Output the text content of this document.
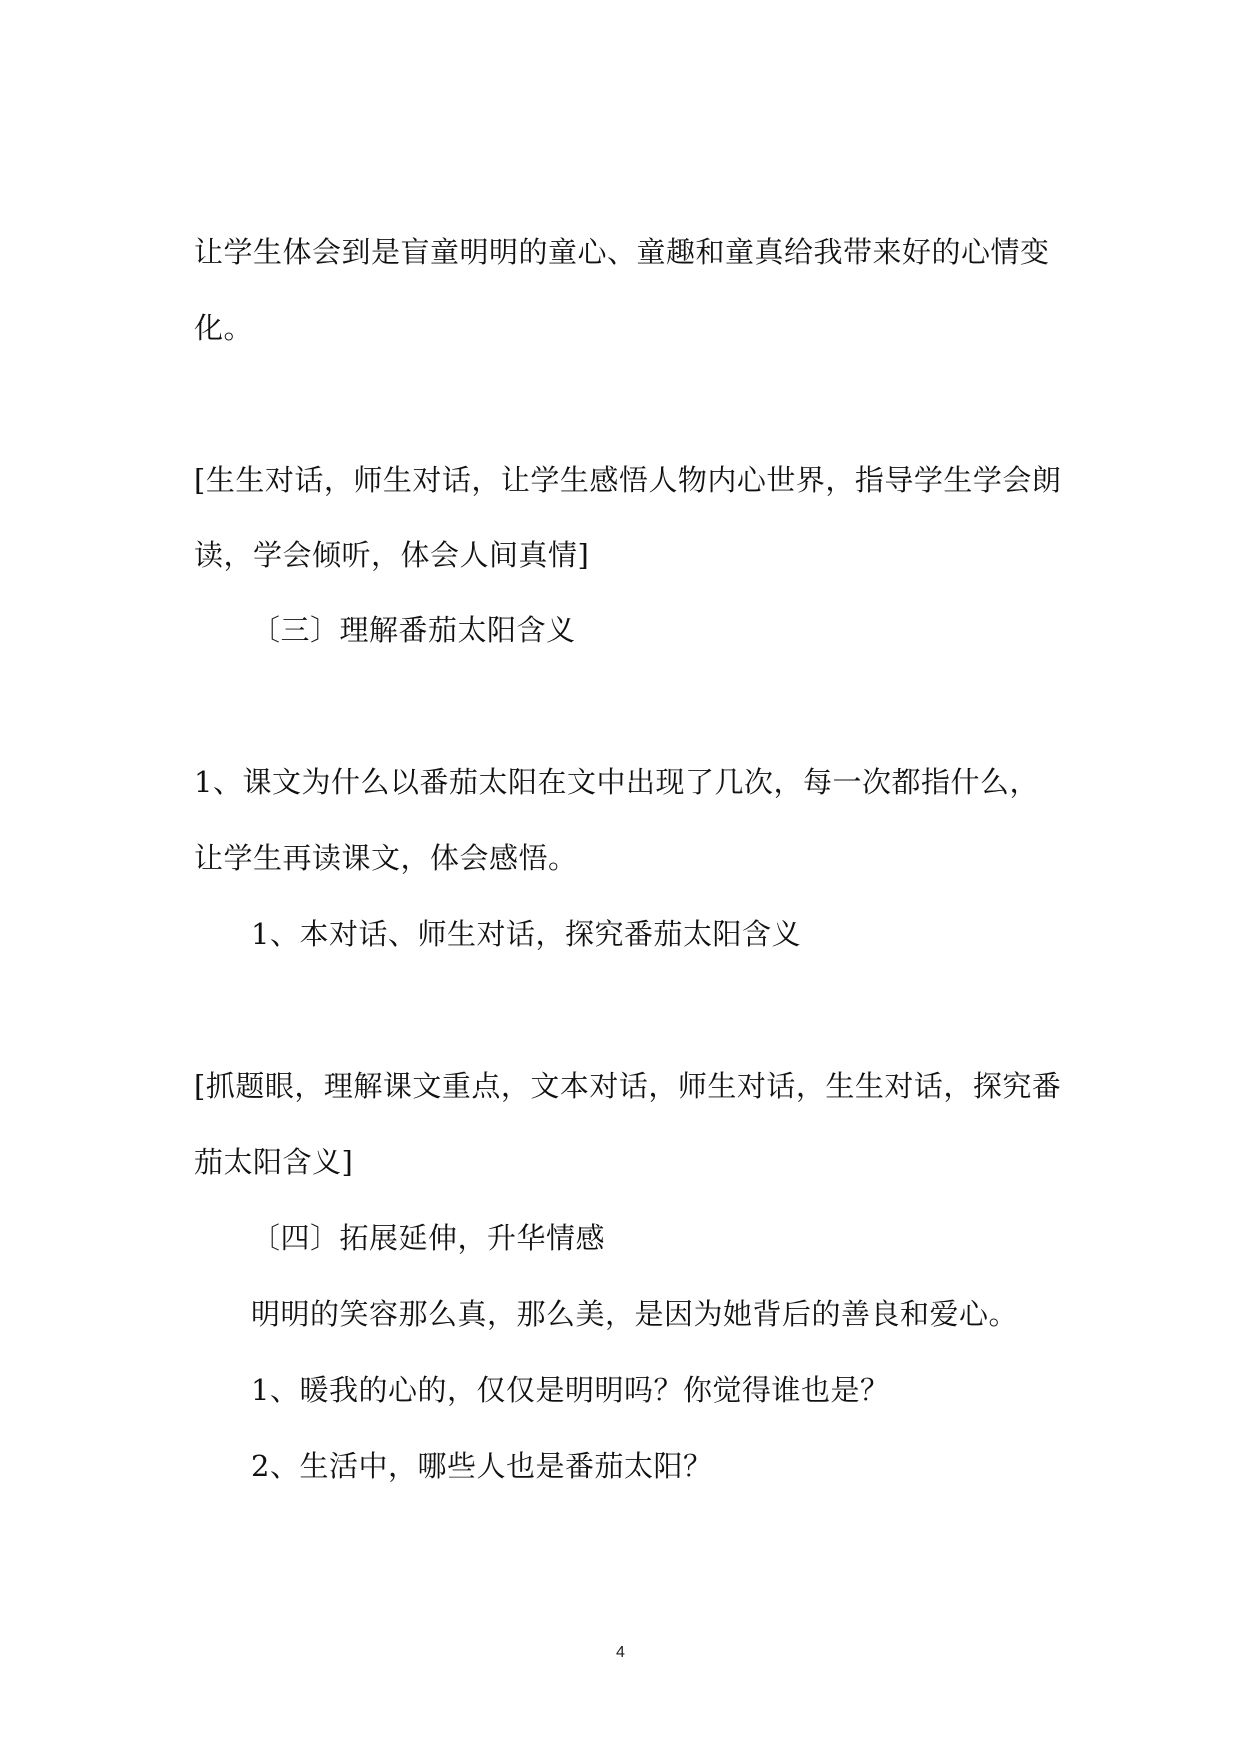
让学生体会到是盲童明明的童心、童趣和童真给我带来好的心情变
化。
[生生对话，师生对话，让学生感悟人物内心世界，指导学生学会朗
读，学会倾听，体会人间真情]
〔三〕理解番茄太阳含义
1、课文为什么以番茄太阳在文中出现了几次，每一次都指什么，
让学生再读课文，体会感悟。
1、本对话、师生对话，探究番茄太阳含义
[抓题眼，理解课文重点，文本对话，师生对话，生生对话，探究番
茄太阳含义]
〔四〕拓展延伸，升华情感
明明的笑容那么真，那么美，是因为她背后的善良和爱心。
1、暖我的心的，仅仅是明明吗？你觉得谁也是？
2、生活中，哪些人也是番茄太阳？
4
